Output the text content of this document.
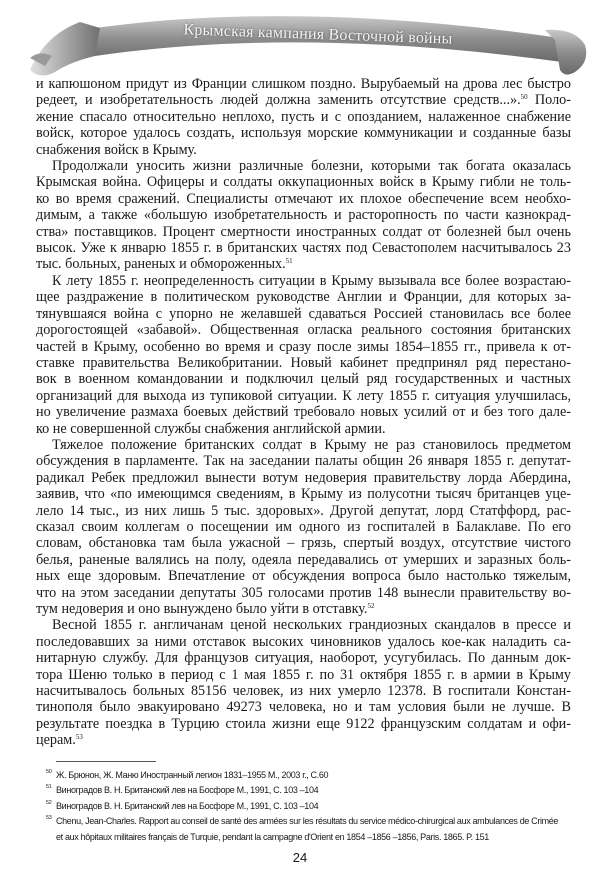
Крымская кампания Восточной войны
и капюшоном придут из Франции слишком поздно. Вырубаемый на дрова лес быстро
редеет, и изобретательность людей должна заменить отсутствие средств...».$^{50}$ Поло-
жение спасало относительно неплохо, пусть и с опозданием, налаженное снабжение
войск, которое удалось создать, используя морские коммуникации и созданные базы
снабжения войск в Крыму.
Продолжали уносить жизни различные болезни, которыми так богата оказалась
Крымская война. Офицеры и солдаты оккупационных войск в Крыму гибли не толь-
ко во время сражений. Специалисты отмечают их плохое обеспечение всем необхо-
димым, а также «большую изобретательность и расторопность по части казнокрад-
ства» поставщиков. Процент смертности иностранных солдат от болезней был очень
высок. Уже к январю 1855 г. в британских частях под Севастополем насчитывалось 23
тыс. больных, раненых и обмороженных.$^{51}$
К лету 1855 г. неопределенность ситуации в Крыму вызывала все более возрастаю-
щее раздражение в политическом руководстве Англии и Франции, для которых за-
тянувшаяся война с упорно не желавшей сдаваться Россией становилась все более
дорогостоящей «забавой». Общественная огласка реального состояния британских
частей в Крыму, особенно во время и сразу после зимы 1854–1855 гг., привела к от-
ставке правительства Великобритании. Новый кабинет предпринял ряд перестано-
вок в военном командовании и подключил целый ряд государственных и частных
организаций для выхода из тупиковой ситуации. К лету 1855 г. ситуация улучшилась,
но увеличение размаха боевых действий требовало новых усилий от и без того дале-
ко не совершенной службы снабжения английской армии.
Тяжелое положение британских солдат в Крыму не раз становилось предметом
обсуждения в парламенте. Так на заседании палаты общин 26 января 1855 г. депутат-
радикал Ребек предложил вынести вотум недоверия правительству лорда Абердина,
заявив, что «по имеющимся сведениям, в Крыму из полусотни тысяч британцев уце-
лело 14 тыс., из них лишь 5 тыс. здоровых». Другой депутат, лорд Статффорд, рас-
сказал своим коллегам о посещении им одного из госпиталей в Балаклаве. По его
словам, обстановка там была ужасной – грязь, спертый воздух, отсутствие чистого
белья, раненые валялись на полу, одеяла передавались от умерших и заразных боль-
ных еще здоровым. Впечатление от обсуждения вопроса было настолько тяжелым,
что на этом заседании депутаты 305 голосами против 148 вынесли правительству во-
тум недоверия и оно вынуждено было уйти в отставку.$^{52}$
Весной 1855 г. англичанам ценой нескольких грандиозных скандалов в прессе и
последовавших за ними отставок высоких чиновников удалось кое-как наладить са-
нитарную службу. Для французов ситуация, наоборот, усугубилась. По данным док-
тора Шеню только в период с 1 мая 1855 г. по 31 октября 1855 г. в армии в Крыму
насчитывалось больных 85156 человек, из них умерло 12378. В госпитали Констан-
тинополя было эвакуировано 49273 человека, но и там условия были не лучше. В
результате поездка в Турцию стоила жизни еще 9122 французским солдатам и офи-
церам.$^{53}$
50 Ж. Брюнон, Ж. Маню Иностранный легион 1831–1955 М., 2003 г., С.60
51 Виноградов В. Н. Британский лев на Босфоре М., 1991, С. 103 –104
52 Виноградов В. Н. Британский лев на Босфоре М., 1991, С. 103 –104
53 Chenu, Jean-Charles. Rapport au conseil de santé des armées sur les résultats du service médico-chirurgical aux ambulances de Crimée
et aux hôpitaux militaires français de Turquie, pendant la campagne d'Orient en 1854 –1856 –1856, Paris. 1865. P. 151
24
